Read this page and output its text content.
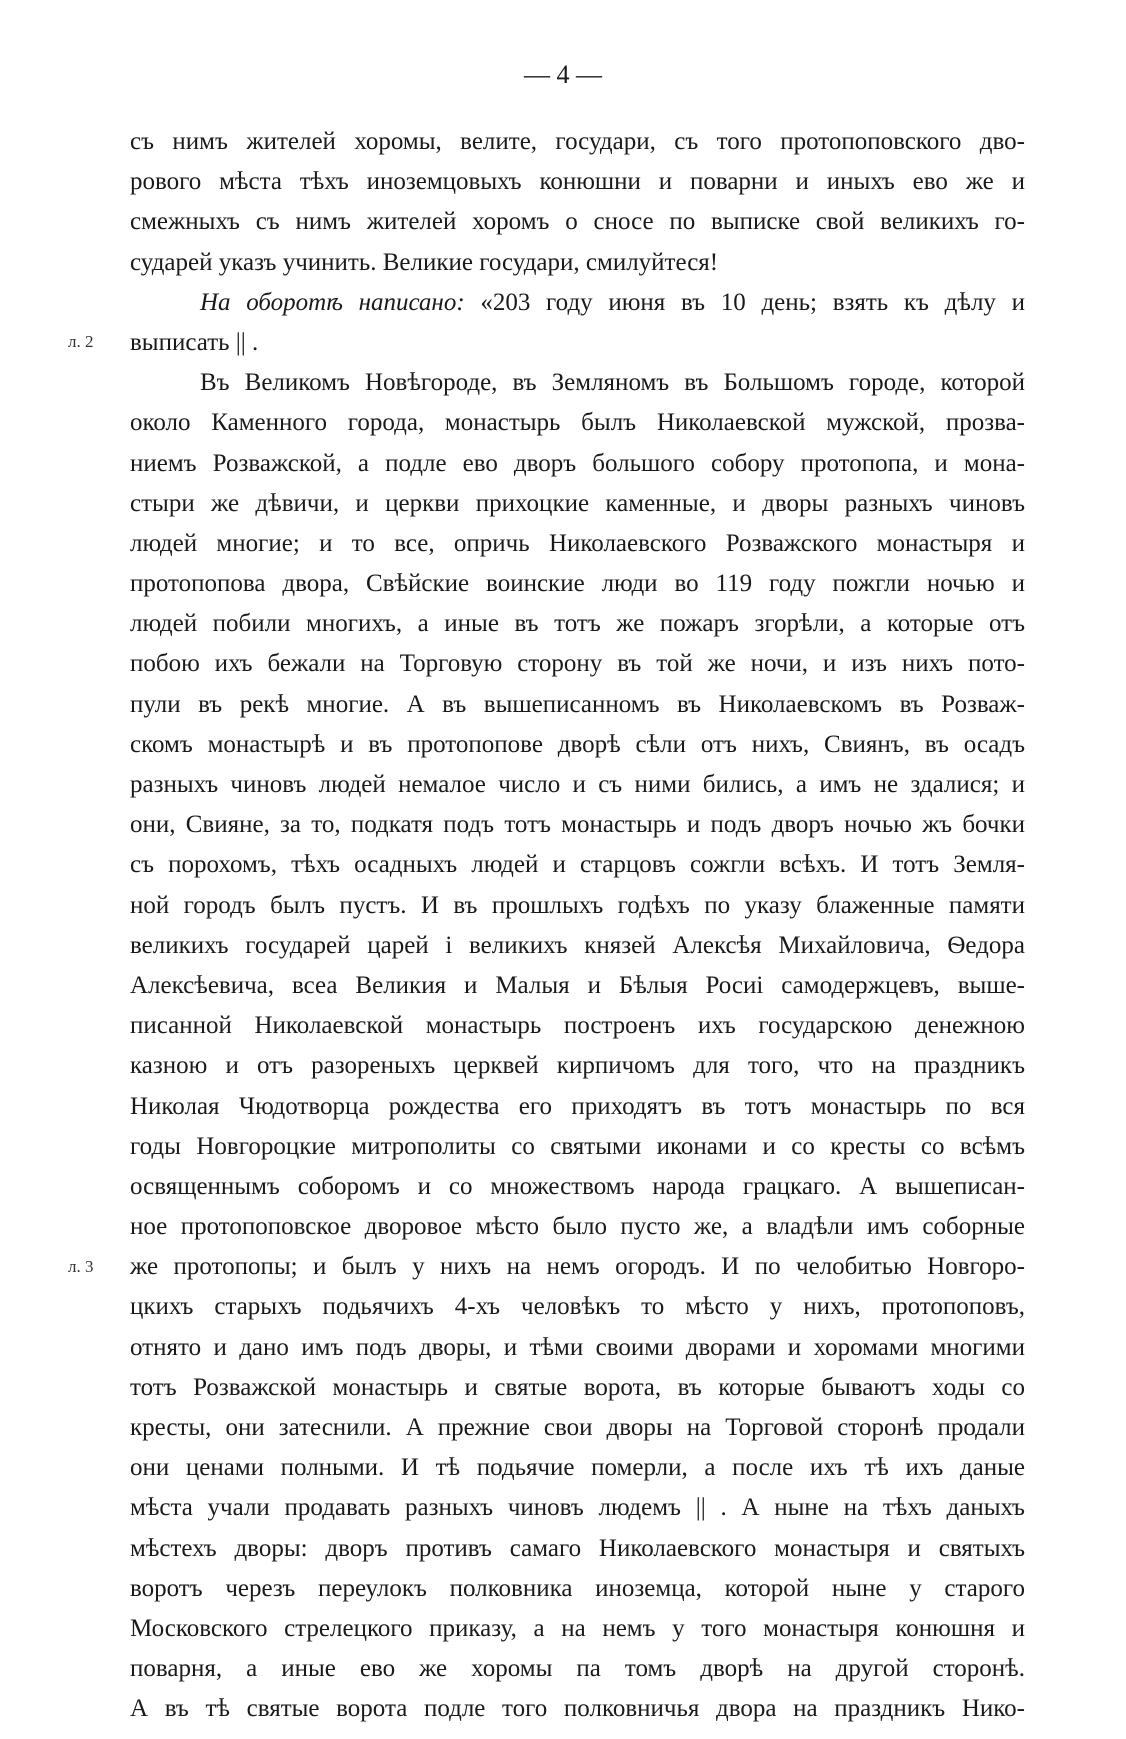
— 4 —
л. 2
л. 3
съ нимъ жителей хоромы, велите, государи, съ того протопоповского дво-
рового мѣста тѣхъ иноземцовыхъ конюшни и поварни и иныхъ ево же и
смежныхъ съ нимъ жителей хоромъ о сносе по выписке свой великихъ го-
сударей указъ учинить. Великие государи, смилуйтеся!
На оборотѣ написано: «203 году июня въ 10 день; взять къ дѣлу и
выписать || .
Въ Великомъ Новѣгороде, въ Земляномъ въ Большомъ городе, которой
около Каменного города, монастырь былъ Николаевской мужской, прозва-
ниемъ Розважской, а подле ево дворъ большого собору протопопа, и мона-
стыри же дѣвичи, и церкви прихоцкие каменные, и дворы разныхъ чиновъ
людей многие; и то все, опричь Николаевского Розважского монастыря и
протопопова двора, Свѣйские воинские люди во 119 году пожгли ночью и
людей побили многихъ, а иные въ тотъ же пожаръ згорѣли, а которые отъ
побою ихъ бежали на Торговую сторону въ той же ночи, и изъ нихъ пото-
пули въ рекѣ многие. А въ вышеписанномъ въ Николаевскомъ въ Розваж-
скомъ монастырѣ и въ протопопове дворѣ сѣли отъ нихъ, Свиянъ, въ осадъ
разныхъ чиновъ людей немалое число и съ ними бились, а имъ не здалися; и
они, Свияне, за то, подкатя подъ тотъ монастырь и подъ дворъ ночью жъ бочки
съ порохомъ, тѣхъ осадныхъ людей и старцовъ сожгли всѣхъ. И тотъ Земля-
ной городъ былъ пустъ. И въ прошлыхъ годѣхъ по указу блаженные памяти
великихъ государей царей і великихъ князей Алексѣя Михайловича, Ѳедора
Алексѣевича, всеа Великия и Малыя и Бѣлыя Росиі самодержцевъ, выше-
писанной Николаевской монастырь построенъ ихъ государскою денежною
казною и отъ разореныхъ церквей кирпичомъ для того, что на праздникъ
Николая Чюдотворца рождества его приходятъ въ тотъ монастырь по вся
годы Новгороцкие митрополиты со святыми иконами и со кресты со всѣмъ
освященнымъ соборомъ и со множествомъ народа грацкаго. А вышеписан-
ное протопоповское дворовое мѣсто было пусто же, а владѣли имъ соборные
же протопопы; и былъ у нихъ на немъ огородъ. И по челобитью Новгоро-
цкихъ старыхъ подьячихъ 4-хъ человѣкъ то мѣсто у нихъ, протопоповъ,
отнято и дано имъ подъ дворы, и тѣми своими дворами и хоромами многими
тотъ Розважской монастырь и святые ворота, въ которые бываютъ ходы со
кресты, они затеснили. А прежние свои дворы на Торговой сторонѣ продали
они ценами полными. И тѣ подьячие померли, а после ихъ тѣ ихъ даные
мѣста учали продавать разныхъ чиновъ людемъ || . А ныне на тѣхъ даныхъ
мѣстехъ дворы: дворъ противъ самаго Николаевского монастыря и святыхъ
воротъ черезъ переулокъ полковника иноземца, которой ныне у старого
Московского стрелецкого приказу, а на немъ у того монастыря конюшня и
поварня, а иные ево же хоромы па томъ дворѣ на другой сторонѣ.
А въ тѣ святые ворота подле того полковничья двора на праздникъ Нико-
